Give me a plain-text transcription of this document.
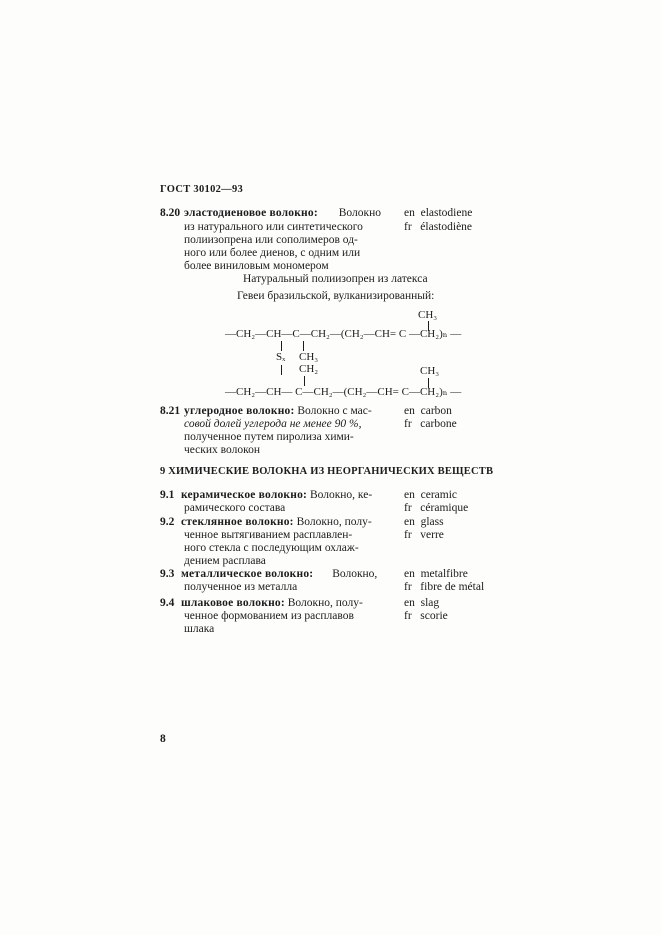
ГОСТ 30102—93
8.20 эластодиеновое волокно: Волокно
из натурального или синтетического
полиизопрена или сополимеров од-
ного или более диенов, с одним или
более виниловым мономером
en elastodiene
fr élastodiène
Натуральный полиизопрен из латекса
Гевеи бразильской, вулканизированный:
CH₃
—CH₂—CH—C—CH₂—(CH₂—CH= C —CH₂)ₙ —
Sₓ CH₃
CH₂	CH₃
—CH₂—CH— C—CH₂—(CH₂—CH= C—CH₂)ₙ —
8.21 углеродное волокно: Волокно с мас-
совой долей углерода не менее 90 %,
полученное путем пиролиза хими-
ческих волокон
en carbon
fr carbone
9 ХИМИЧЕСКИЕ ВОЛОКНА ИЗ НЕОРГАНИЧЕСКИХ ВЕЩЕСТВ
9.1 керамическое волокно: Волокно, ке-
рамического состава
en ceramic
fr céramique
9.2 стеклянное волокно: Волокно, полу-
ченное вытягиванием расплавлен-
ного стекла с последующим охлаж-
дением расплава
en glass
fr verre
9.3 металлическое волокно: Волокно,
полученное из металла
en metalfibre
fr fibre de métal
9.4 шлаковое волокно: Волокно, полу-
ченное формованием из расплавов
шлака
en slag
fr scorie
8
